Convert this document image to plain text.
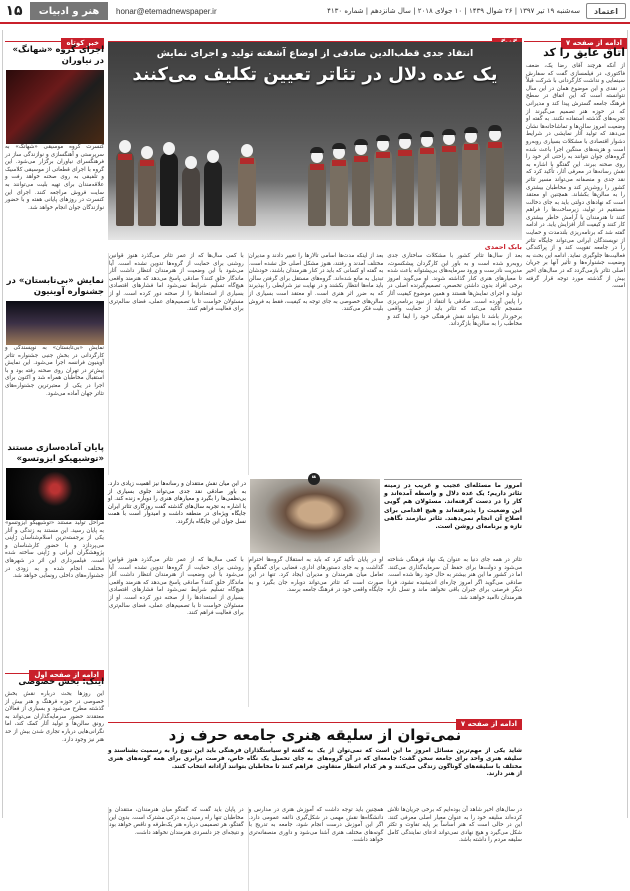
۱۵	هنر و ادبیات	honar@etemadnewspaper.ir	سه‌شنبه ۱۹ تیر ۱۳۹۷ | ۲۶ شوال ۱۴۳۹ | ۱۰ جولای ۲۰۱۸ | سال شانزدهم | شماره ۴۱۳۰	اعتماد
ادامه از صفحه ۷
اتاق عایق را کد
از آنکه هرچند آقای رضا یک، ضعف فاکتوری، در فیلمسازی گفت که سفارش سینمایی و نداشت کارگردانی با شرکت قبلاً در نقدی و این موضوع همان در این سال نتوانسته است که این اتفاق در سطح فرهنگ جامعه گسترش پیدا کند و مدیرانی که در حوزه هنر تصمیم می‌گیرند از تجربه‌های گذشته استفاده نکنند. به گفته او وضعیت امروز سالن‌ها و تماشاخانه‌ها نشان می‌دهد که تولید آثار نمایشی در شرایط دشوار اقتصادی با مشکلات بسیاری روبه‌رو است و هزینه‌های سنگین اجرا باعث شده گروه‌های جوان نتوانند به راحتی اثر خود را روی صحنه ببرند. این گفتگو با اشاره به نقش رسانه‌ها در معرفی آثار، تأکید کرد که نقد جدی و منصفانه می‌تواند مسیر تئاتر کشور را روشن‌تر کند و مخاطبان بیشتری را به سالن‌ها بکشاند. همچنین او معتقد است که نهادهای دولتی باید به جای دخالت مستقیم در تولید، زیرساخت‌ها را فراهم کنند تا هنرمندان با آرامش خاطر بیشتری کار کنند و کیفیت آثار افزایش یابد. در ادامه گفته شد که برنامه‌ریزی بلندمدت و حمایت از نویسندگان ایرانی می‌تواند جایگاه تئاتر را در جامعه تقویت کند و از پراکندگی فعالیت‌ها جلوگیری نماید. ادامه این بحث به وضعیت جشنواره‌ها و تأثیر آنها بر جریان اصلی تئاتر بازمی‌گردد که در سال‌های اخیر بیش از گذشته مورد توجه قرار گرفته است.
خبر کوتاه
اجرای گروه «شهانگ» در نیاوران
کنسرت گروه موسیقی «شهانگ» به سرپرستی و آهنگسازی و نوازندگی ساز در فرهنگسرای نیاوران برگزار می‌شود. این گروه با اجرای قطعاتی از موسیقی کلاسیک و تلفیقی به روی صحنه خواهد رفت و علاقه‌مندان برای تهیه بلیت می‌توانند به سایت فروش مراجعه کنند. اجرای این کنسرت در روزهای پایانی هفته و با حضور نوازندگان جوان انجام خواهد شد.
نمایش «بی‌تابستان» در جشنواره آوینیون
نمایش «بی‌تابستان» به نویسندگی و کارگردانی در بخش جنبی جشنواره تئاتر آوینیون فرانسه اجرا می‌شود. این نمایش پیش‌تر در تهران روی صحنه رفته بود و با استقبال مخاطبان همراه شد و اکنون برای اجرا در یکی از معتبرترین جشنواره‌های تئاتر جهان آماده می‌شود.
پایان آماده‌سازی مستند «توشیهیکو ایزوتسو»
مراحل تولید مستند «توشیهیکو ایزوتسو» به پایان رسید. این مستند به زندگی و آثار یکی از برجسته‌ترین اسلام‌شناسان ژاپنی می‌پردازد و با حضور کارشناسان و پژوهشگران ایرانی و ژاپنی ساخته شده است. فیلمبرداری این اثر در شهرهای مختلف انجام شده و به زودی در جشنواره‌های داخلی رونمایی خواهد شد.
ادامه از صفحه اول
اینک: بخش خصوصی
این روزها بحث درباره نقش بخش خصوصی در حوزه فرهنگ و هنر بیش از گذشته مطرح می‌شود و بسیاری از فعالان معتقدند حضور سرمایه‌گذاران می‌تواند به رونق سالن‌ها و تولید آثار کمک کند، اما نگرانی‌هایی درباره تجاری شدن بیش از حد هنر نیز وجود دارد.
انتقاد جدی قطب‌الدین صادقی از اوضاع آشفته تولید و اجرای نمایش
یک عده دلال در تئاتر تعیین تکلیف می‌کنند
بابک احمدی
بعد از سال‌ها تئاتر کشور با مشکلات ساختاری جدی روبه‌رو شده است و به باور این کارگردان پیشکسوت، مدیریت نادرست و ورود سرمایه‌های بی‌پشتوانه باعث شده تا معیارهای هنری کنار گذاشته شوند. او می‌گوید امروز برخی افراد بدون داشتن تخصص، تصمیم‌گیرنده اصلی در تولید و اجرای نمایش‌ها هستند و همین موضوع کیفیت آثار را پایین آورده است. صادقی با انتقاد از نبود برنامه‌ریزی منسجم تأکید می‌کند که تئاتر باید از حمایت واقعی برخوردار باشد تا بتواند نقش فرهنگی خود را ایفا کند و مخاطب را به سالن‌ها بازگرداند.
بعد از اینکه مدت‌ها اسامی تالارها را تغییر دادند و مدیران مختلف آمدند و رفتند، هنوز مشکل اصلی حل نشده است. به گفته او کسانی که باید در کنار هنرمندان باشند، خودشان تبدیل به مانع شده‌اند. گروه‌های مستقل برای گرفتن سالن باید ماه‌ها انتظار بکشند و در نهایت نیز شرایطی را بپذیرند که به ضرر اثر هنری است. او معتقد است بسیاری از سالن‌های خصوصی به جای توجه به کیفیت، فقط به فروش بلیت فکر می‌کنند.
با کمی سال‌ها که از عمر تئاتر می‌گذرد هنوز قوانین روشنی برای حمایت از گروه‌ها تدوین نشده است. آیا می‌شود با این وضعیت از هنرمندان انتظار داشت آثار ماندگار خلق کنند؟ صادقی پاسخ می‌دهد که هنرمند واقعی هیچ‌گاه تسلیم شرایط نمی‌شود اما فشارهای اقتصادی بسیاری از استعدادها را از صحنه دور کرده است. او از مسئولان خواست تا با تصمیم‌های عملی، فضای سالم‌تری برای فعالیت فراهم کنند.
امروز ما مسئله‌ای عجیب و غریب در زمینه تئاتر داریم؛ یک عده دلال و واسطه آمده‌اند و کار را در دست گرفته‌اند. مسئولان هم گویی این وضعیت را پذیرفته‌اند و هیچ اقدامی برای اصلاح آن انجام نمی‌دهند. تئاتر نیازمند نگاهی تازه و برنامه‌ای روشن است.
❝
در این میان نقش منتقدان و رسانه‌ها نیز اهمیت زیادی دارد. به باور صادقی نقد جدی می‌تواند جلوی بسیاری از بی‌نظمی‌ها را بگیرد و معیارهای هنری را دوباره زنده کند. او با اشاره به تجربه سال‌های گذشته گفت روزگاری تئاتر ایران جایگاه ویژه‌ای در منطقه داشت و امیدوار است با همت نسل جوان این جایگاه بازگردد.
تئاتر در همه جای دنیا به عنوان یک نهاد فرهنگی شناخته می‌شود و دولت‌ها برای حفظ آن سرمایه‌گذاری می‌کنند. اما در کشور ما این هنر بیشتر به حال خود رها شده است. صادقی می‌گوید اگر امروز چاره‌ای اندیشیده نشود، فردا دیگر فرصتی برای جبران باقی نخواهد ماند و نسل تازه هنرمندان ناامید خواهند شد.
او در پایان تأکید کرد که باید به استقلال گروه‌ها احترام گذاشت و به جای دستورهای اداری، فضایی برای گفتگو و تعامل میان هنرمندان و مدیران ایجاد کرد. تنها در این صورت است که تئاتر می‌تواند دوباره جان بگیرد و به جایگاه واقعی خود در فرهنگ جامعه برسد.
با کمی سال‌ها که از عمر تئاتر می‌گذرد هنوز قوانین روشنی برای حمایت از گروه‌ها تدوین نشده است. آیا می‌شود با این وضعیت از هنرمندان انتظار داشت آثار ماندگار خلق کنند؟ صادقی پاسخ می‌دهد که هنرمند واقعی هیچ‌گاه تسلیم شرایط نمی‌شود اما فشارهای اقتصادی بسیاری از استعدادها را از صحنه دور کرده است. او از مسئولان خواست تا با تصمیم‌های عملی، فضای سالم‌تری برای فعالیت فراهم کنند.
ادامه از صفحه ۷
نمی‌توان از سلیقه هنری جامعه حرف زد
شاید یکی از مهم‌ترین مسائل امروز ما این است که نمی‌توان از یک سلیقه هنری واحد برای جامعه سخن گفت؛ جامعه‌ای که در آن گروه‌های مختلف با سلیقه‌های گوناگون زندگی می‌کنند و هر کدام انتظار متفاوتی از هنر دارند.
به گفته او سیاستگذاران فرهنگی باید این تنوع را به رسمیت بشناسند و به جای تحمیل یک نگاه خاص، فرصت برابری برای همه گونه‌های هنری فراهم کنند تا مخاطبان بتوانند آزادانه انتخاب کنند.
در سال‌های اخیر شاهد آن بوده‌ایم که برخی جریان‌ها تلاش کرده‌اند سلیقه خود را به عنوان معیار اصلی معرفی کنند. این در حالی است که هنر اساساً بر پایه تفاوت و تکثر شکل می‌گیرد و هیچ نهادی نمی‌تواند ادعای نمایندگی کامل سلیقه مردم را داشته باشد.
همچنین باید توجه داشت که آموزش هنری در مدارس و دانشگاه‌ها نقش مهمی در شکل‌گیری ذائقه عمومی دارد. اگر این آموزش درست انجام شود، جامعه به تدریج با گونه‌های مختلف هنری آشنا می‌شود و داوری منصفانه‌تری خواهد داشت.
در پایان باید گفت که گفتگو میان هنرمندان، منتقدان و مخاطبان تنها راه رسیدن به درکی مشترک است. بدون این گفتگو، هر تصمیمی درباره هنر یک‌طرفه و ناقص خواهد بود و نتیجه‌ای جز دلسردی هنرمندان نخواهد داشت.
